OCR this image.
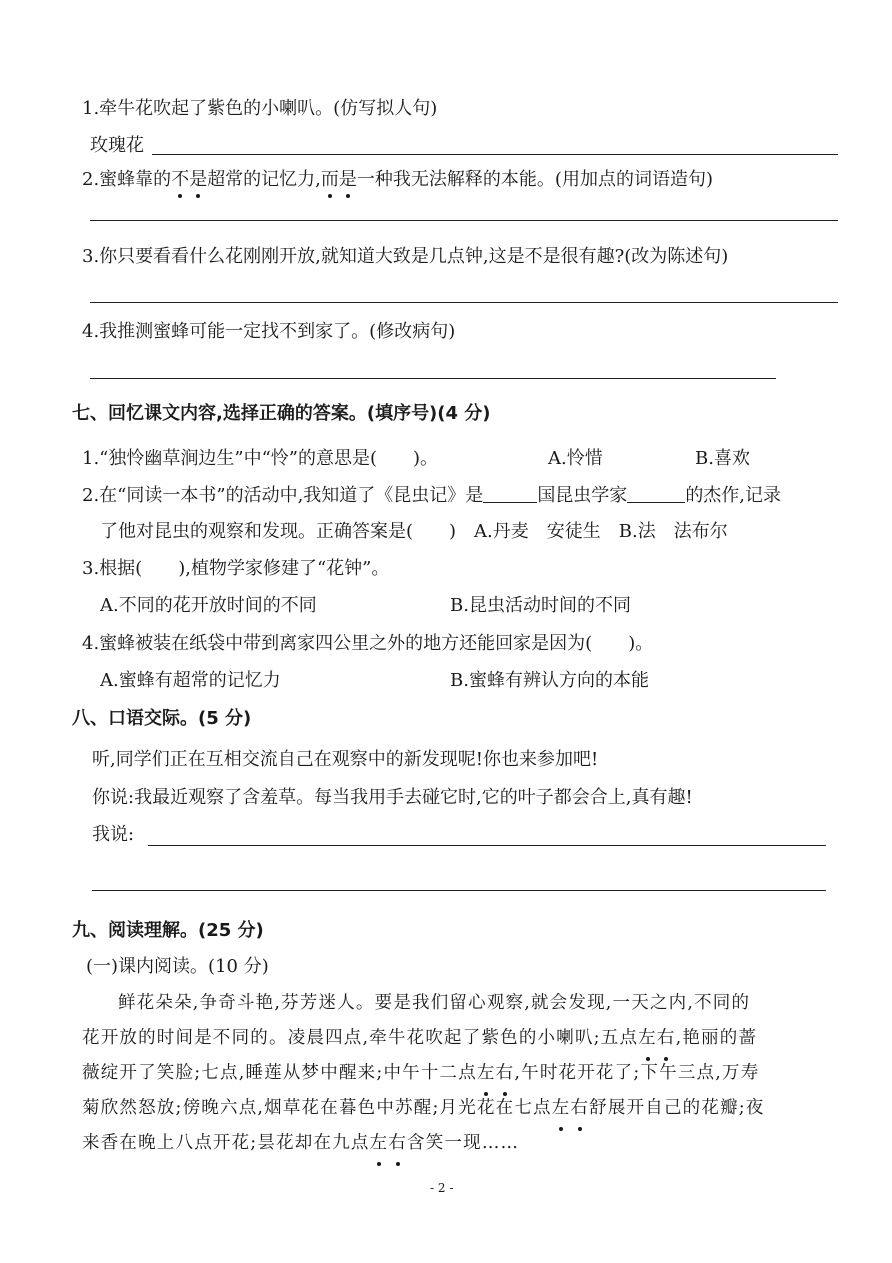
1.牵牛花吹起了紫色的小喇叭。(仿写拟人句)
玫瑰花
2.蜜蜂靠的不是超常的记忆力,而是一种我无法解释的本能。(用加点的词语造句)
3.你只要看看什么花刚刚开放,就知道大致是几点钟,这是不是很有趣?(改为陈述句)
4.我推测蜜蜂可能一定找不到家了。(修改病句)
七、回忆课文内容,选择正确的答案。(填序号)(4 分)
1.“独怜幽草涧边生”中“怜”的意思是(　　)。	A.怜惜	B.喜欢
2.在“同读一本书”的活动中,我知道了《昆虫记》是	国昆虫学家	的杰作,记录
了他对昆虫的观察和发现。正确答案是(　　)　A.丹麦　安徒生　B.法　法布尔
3.根据(　　),植物学家修建了“花钟”。
A.不同的花开放时间的不同	B.昆虫活动时间的不同
4.蜜蜂被装在纸袋中带到离家四公里之外的地方还能回家是因为(　　)。
A.蜜蜂有超常的记忆力	B.蜜蜂有辨认方向的本能
八、口语交际。(5 分)
听,同学们正在互相交流自己在观察中的新发现呢!你也来参加吧!
你说:我最近观察了含羞草。每当我用手去碰它时,它的叶子都会合上,真有趣!
我说:
九、阅读理解。(25 分)
(一)课内阅读。(10 分)
鲜花朵朵,争奇斗艳,芬芳迷人。要是我们留心观察,就会发现,一天之内,不同的
花开放的时间是不同的。凌晨四点,牵牛花吹起了紫色的小喇叭;五点左右,艳丽的蔷
薇绽开了笑脸;七点,睡莲从梦中醒来;中午十二点左右,午时花开花了;下午三点,万寿
菊欣然怒放;傍晚六点,烟草花在暮色中苏醒;月光花在七点左右舒展开自己的花瓣;夜
来香在晚上八点开花;昙花却在九点左右含笑一现……
- 2 -
